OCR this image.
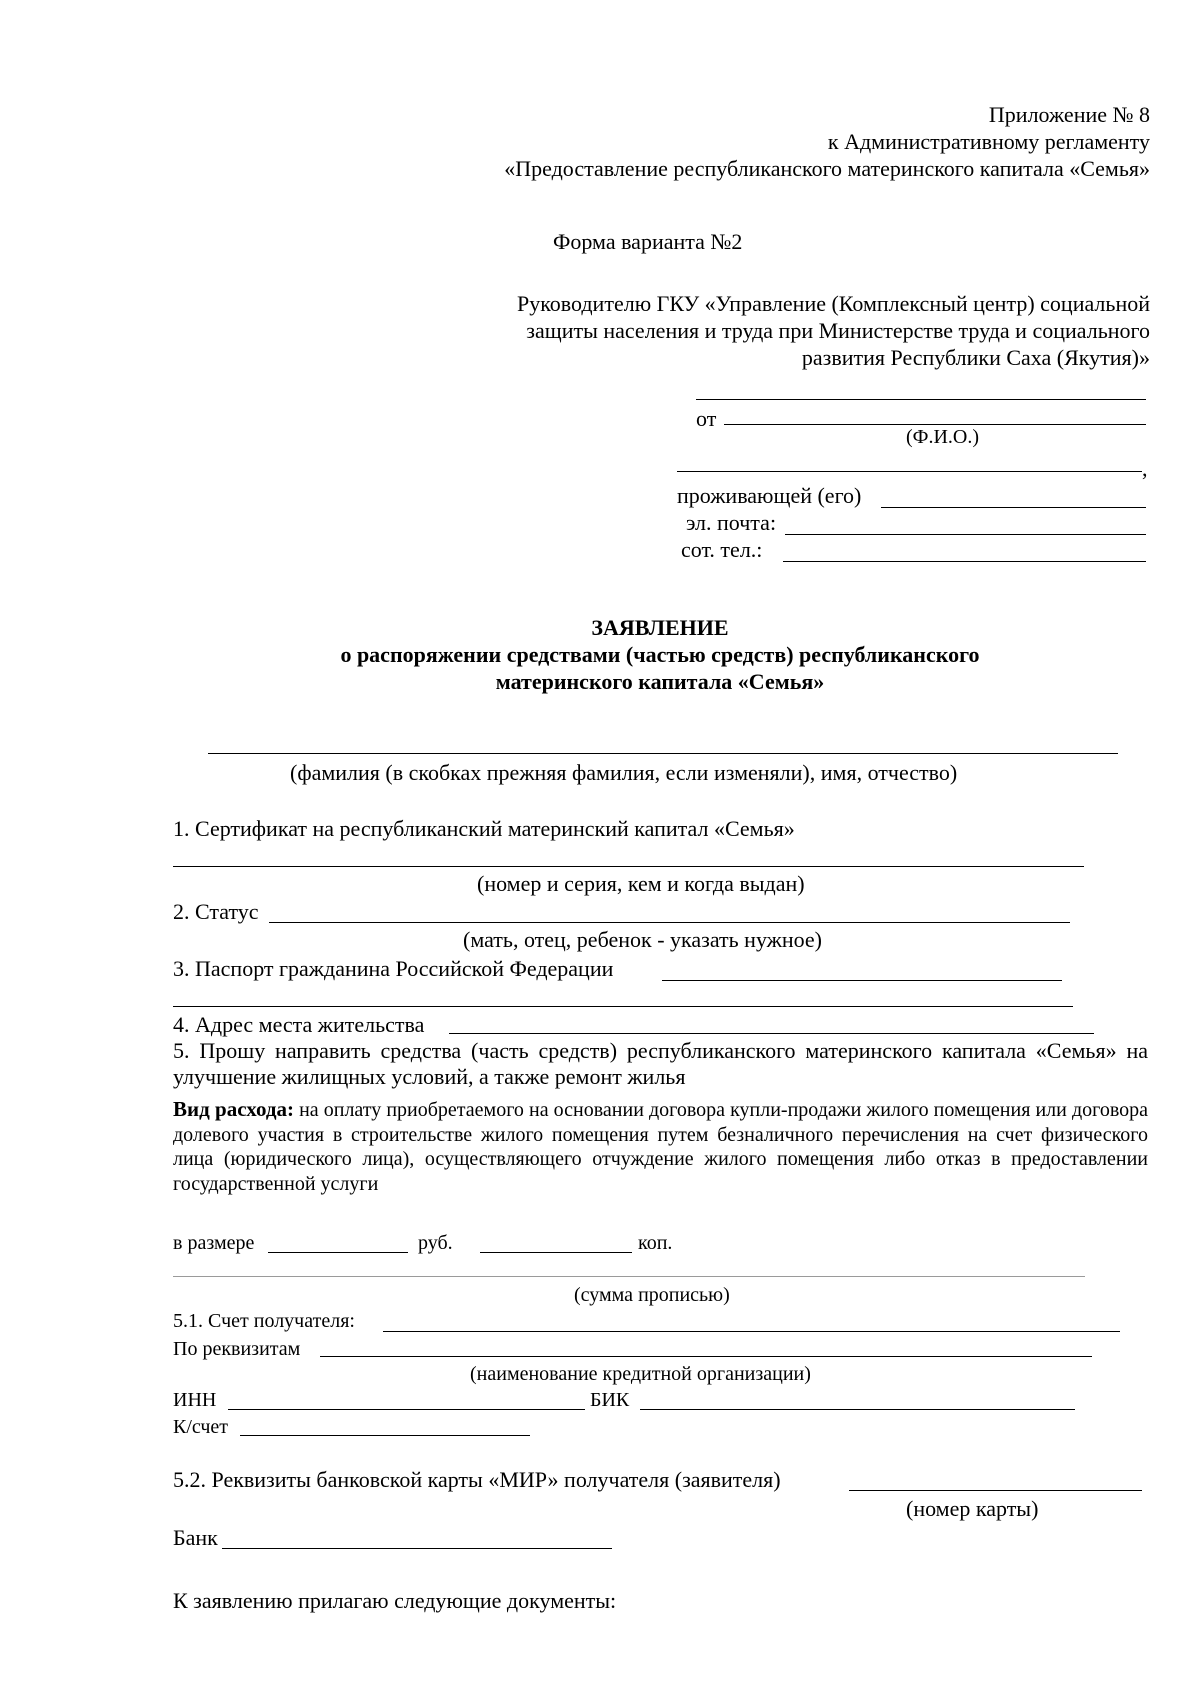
Приложение № 8
к Административному регламенту
«Предоставление республиканского материнского капитала «Семья»
Форма варианта №2
Руководителю ГКУ «Управление (Комплексный центр) социальной
защиты населения и труда при Министерстве труда и социального
развития Республики Саха (Якутия)»
от
(Ф.И.О.)
,
проживающей (его)
эл. почта:
сот. тел.:
ЗАЯВЛЕНИЕ
о распоряжении средствами (частью средств) республиканского
материнского капитала «Семья»
(фамилия (в скобках прежняя фамилия, если изменяли), имя, отчество)
1. Сертификат на республиканский материнский капитал «Семья»
(номер и серия, кем и когда выдан)
2. Статус
(мать, отец, ребенок - указать нужное)
3. Паспорт гражданина Российской Федерации
4. Адрес места жительства
5. Прошу направить средства (часть средств) республиканского материнского капитала «Семья» на улучшение жилищных условий, а также ремонт жилья
Вид расхода: на оплату приобретаемого на основании договора купли-продажи жилого помещения или договора долевого участия в строительстве жилого помещения путем безналичного перечисления на счет физического лица (юридического лица), осуществляющего отчуждение жилого помещения либо отказ в предоставлении государственной услуги
в размере	руб.	коп.
(сумма прописью)
5.1. Счет получателя:
По реквизитам
(наименование кредитной организации)
ИНН	БИК
К/счет
5.2. Реквизиты банковской карты «МИР» получателя (заявителя)
(номер карты)
Банк
К заявлению прилагаю следующие документы:
